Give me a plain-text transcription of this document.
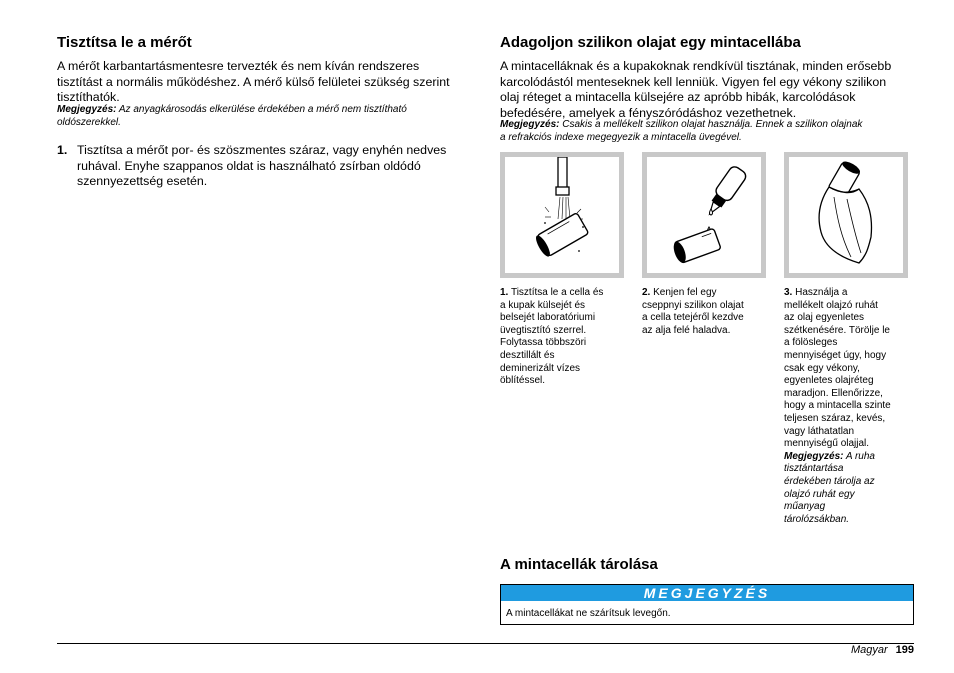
Tisztítsa le a mérőt
A mérőt karbantartásmentesre tervezték és nem kíván rendszeres
tisztítást a normális működéshez. A mérő külső felületei szükség szerint
tisztíthatók.
Megjegyzés: Az anyagkárosodás elkerülése érdekében a mérő nem tisztítható
oldószerekkel.
1. Tisztítsa a mérőt por- és szöszmentes száraz, vagy enyhén nedves
ruhával. Enyhe szappanos oldat is használható zsírban oldódó
szennyezettség esetén.
Adagoljon szilikon olajat egy mintacellába
A mintacelláknak és a kupakoknak rendkívül tisztának, minden erősebb
karcolódástól menteseknek kell lenniük. Vigyen fel egy vékony szilikon
olaj réteget a mintacella külsejére az apróbb hibák, karcolódások
befedésére, amelyek a fényszóródáshoz vezethetnek.
Megjegyzés: Csakis a mellékelt szilikon olajat használja. Ennek a szilikon olajnak
a refrakciós indexe megegyezik a mintacella üvegével.
1. Tisztítsa le a cella és
a kupak külsejét és
belsejét laboratóriumi
üvegtisztító szerrel.
Folytassa többszöri
desztillált és
deminerizált vízes
öblítéssel.
2. Kenjen fel egy
cseppnyi szilikon olajat
a cella tetejéről kezdve
az alja felé haladva.
3. Használja a
mellékelt olajzó ruhát
az olaj egyenletes
szétkenésére. Törölje le
a fölösleges
mennyiséget úgy, hogy
csak egy vékony,
egyenletes olajréteg
maradjon. Ellenőrizze,
hogy a mintacella szinte
teljesen száraz, kevés,
vagy láthatatlan
mennyiségű olajjal.
Megjegyzés: A ruha
tisztántartása
érdekében tárolja az
olajzó ruhát egy
műanyag
tárolózsákban.
A mintacellák tárolása
MEGJEGYZÉS
A mintacellákat ne szárítsuk levegőn.
Magyar 199
